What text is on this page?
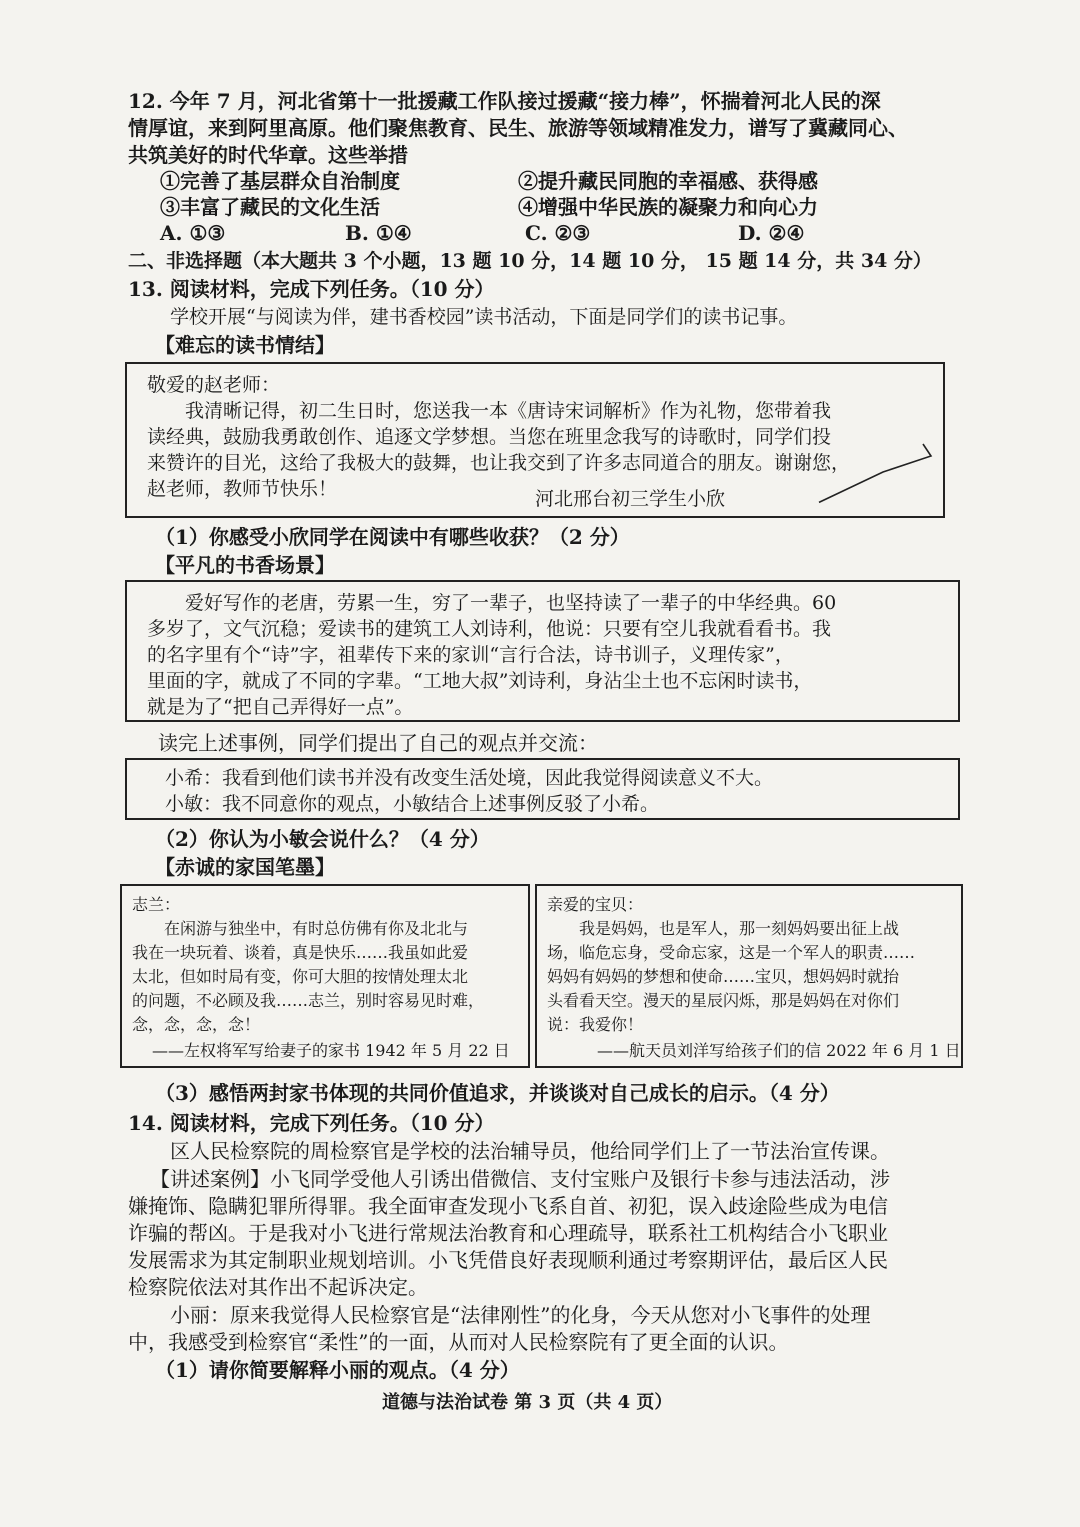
12. 今年 7 月，河北省第十一批援藏工作队接过援藏“接力棒”，怀揣着河北人民的深
情厚谊，来到阿里高原。他们聚焦教育、民生、旅游等领域精准发力，谱写了冀藏同心、
共筑美好的时代华章。这些举措
①完善了基层群众自治制度	②提升藏民同胞的幸福感、获得感
③丰富了藏民的文化生活	④增强中华民族的凝聚力和向心力
A. ①③	B. ①④	C. ②③	D. ②④
二、非选择题（本大题共 3 个小题，13 题 10 分，14 题 10 分， 15 题 14 分，共 34 分）
13. 阅读材料，完成下列任务。（10 分）
学校开展“与阅读为伴，建书香校园”读书活动，下面是同学们的读书记事。
【难忘的读书情结】
敬爱的赵老师：
我清晰记得，初二生日时，您送我一本《唐诗宋词解析》作为礼物，您带着我
读经典，鼓励我勇敢创作、追逐文学梦想。当您在班里念我写的诗歌时，同学们投
来赞许的目光，这给了我极大的鼓舞，也让我交到了许多志同道合的朋友。谢谢您，
赵老师，教师节快乐！	河北邢台初三学生小欣
（1）你感受小欣同学在阅读中有哪些收获？（2 分）
【平凡的书香场景】
爱好写作的老唐，劳累一生，穷了一辈子，也坚持读了一辈子的中华经典。60
多岁了，文气沉稳；爱读书的建筑工人刘诗利，他说：只要有空儿我就看看书。我
的名字里有个“诗”字，祖辈传下来的家训“言行合法，诗书训子，义理传家”，
里面的字，就成了不同的字辈。“工地大叔”刘诗利，身沾尘土也不忘闲时读书，
就是为了“把自己弄得好一点”。
读完上述事例，同学们提出了自己的观点并交流：
小希：我看到他们读书并没有改变生活处境，因此我觉得阅读意义不大。
小敏：我不同意你的观点，小敏结合上述事例反驳了小希。
（2）你认为小敏会说什么？（4 分）
【赤诚的家国笔墨】
志兰：
在闲游与独坐中，有时总仿佛有你及北北与
我在一块玩着、谈着，真是快乐……我虽如此爱
太北，但如时局有变，你可大胆的按情处理太北
的问题，不必顾及我……志兰，别时容易见时难，
念，念，念，念！
——左权将军写给妻子的家书 1942 年 5 月 22 日
亲爱的宝贝：
我是妈妈，也是军人，那一刻妈妈要出征上战
场，临危忘身，受命忘家，这是一个军人的职责……
妈妈有妈妈的梦想和使命……宝贝，想妈妈时就抬
头看看天空。漫天的星辰闪烁，那是妈妈在对你们
说：我爱你！
——航天员刘洋写给孩子们的信 2022 年 6 月 1 日
（3）感悟两封家书体现的共同价值追求，并谈谈对自己成长的启示。（4 分）
14. 阅读材料，完成下列任务。（10 分）
区人民检察院的周检察官是学校的法治辅导员，他给同学们上了一节法治宣传课。
【讲述案例】小飞同学受他人引诱出借微信、支付宝账户及银行卡参与违法活动，涉
嫌掩饰、隐瞒犯罪所得罪。我全面审查发现小飞系自首、初犯，误入歧途险些成为电信
诈骗的帮凶。于是我对小飞进行常规法治教育和心理疏导，联系社工机构结合小飞职业
发展需求为其定制职业规划培训。小飞凭借良好表现顺利通过考察期评估，最后区人民
检察院依法对其作出不起诉决定。
小丽：原来我觉得人民检察官是“法律刚性”的化身，今天从您对小飞事件的处理
中，我感受到检察官“柔性”的一面，从而对人民检察院有了更全面的认识。
（1）请你简要解释小丽的观点。（4 分）
道德与法治试卷 第 3 页（共 4 页）
